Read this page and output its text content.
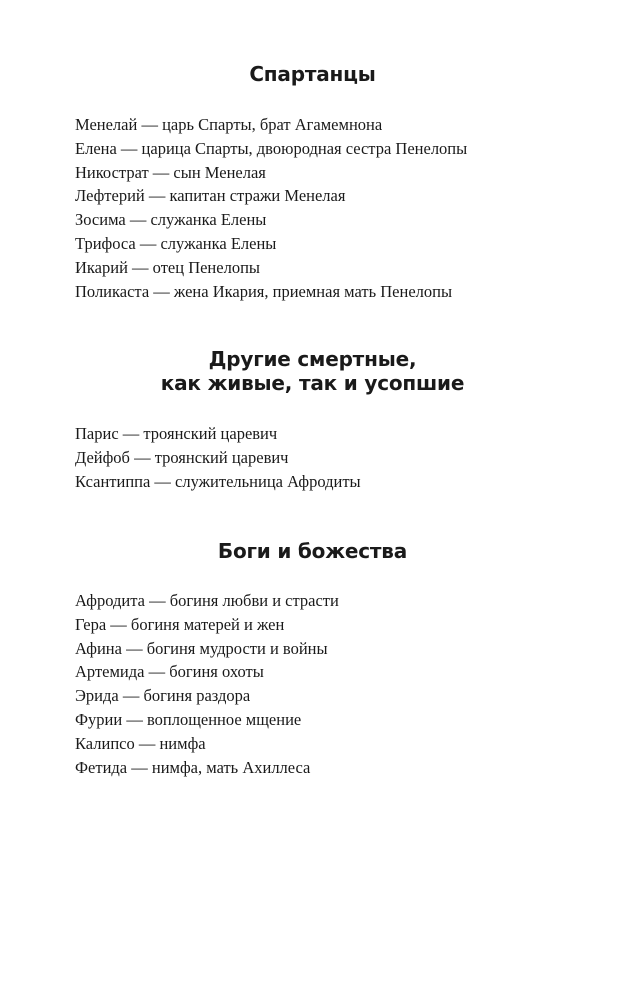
Спартанцы
Менелай — царь Спарты, брат Агамемнона
Елена — царица Спарты, двоюродная сестра Пенелопы
Никострат — сын Менелая
Лефтерий — капитан стражи Менелая
Зосима — служанка Елены
Трифоса — служанка Елены
Икарий — отец Пенелопы
Поликаста — жена Икария, приемная мать Пенелопы
Другие смертные,
как живые, так и усопшие
Парис — троянский царевич
Дейфоб — троянский царевич
Ксантиппа — служительница Афродиты
Боги и божества
Афродита — богиня любви и страсти
Гера — богиня матерей и жен
Афина — богиня мудрости и войны
Артемида — богиня охоты
Эрида — богиня раздора
Фурии — воплощенное мщение
Калипсо — нимфа
Фетида — нимфа, мать Ахиллеса
